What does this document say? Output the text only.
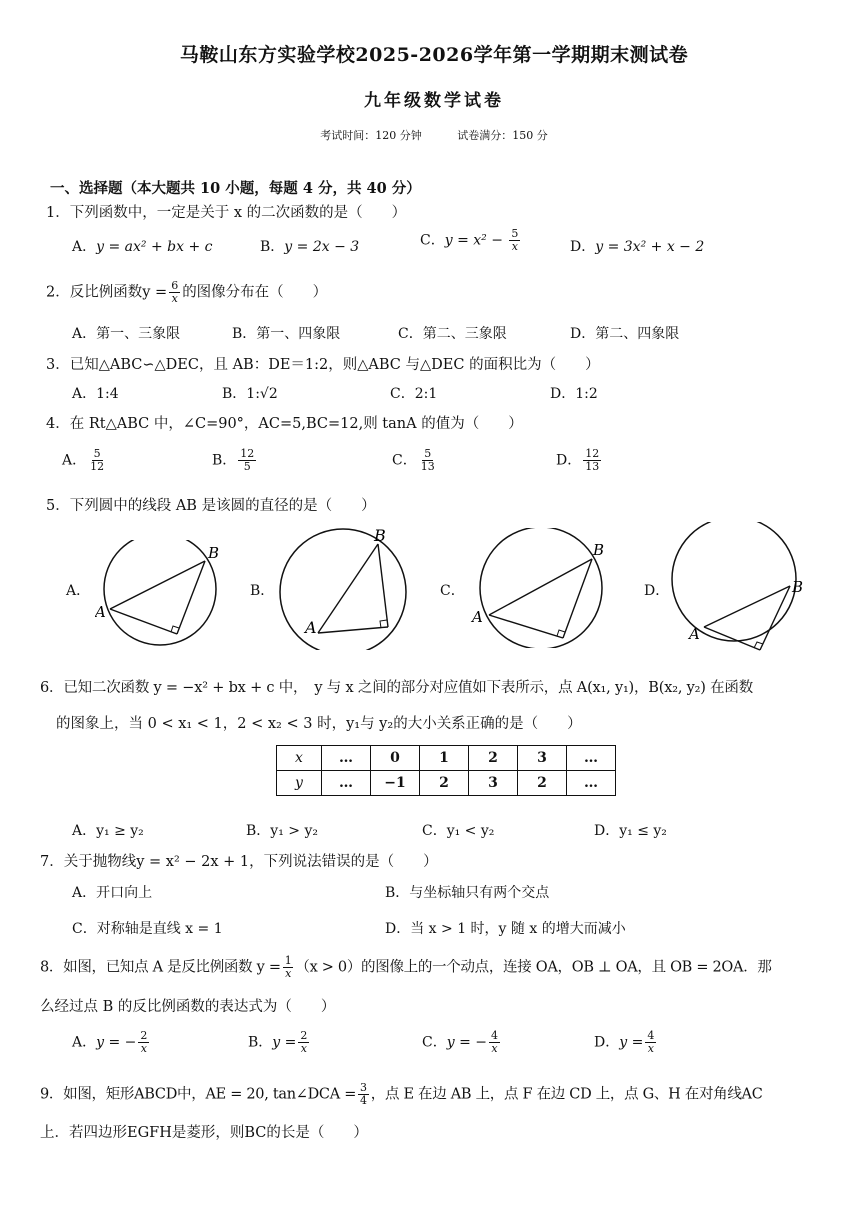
马鞍山东方实验学校2025-2026学年第一学期期末测试卷
九年级数学试卷
考试时间：120 分钟	试卷满分：150 分
一、选择题（本大题共 10 小题，每题 4 分，共 40 分）
1．下列函数中，一定是关于 x 的二次函数的是（　　）
A．y = ax² + bx + c	B．y = 2x − 3	C．$y = x^2 - \frac{5}{x}$	D．y = 3x² + x − 2
2．反比例函数$y = \frac{6}{x}$ 的图像分布在（　　）
A．第一、三象限	B．第一、四象限	C．第二、三象限	D．第二、四象限
3．已知△ABC∽△DEC，且 AB：DE＝1:2，则△ABC 与△DEC 的面积比为（　　）
A．1:4	B．1:√2	C．2:1	D．1:2
4．在 Rt△ABC 中，∠C=90°，AC=5,BC=12,则 tanA 的值为（　　）
A． $\frac{5}{12}$	B． $\frac{12}{5}$	C． $\frac{5}{13}$	D． $\frac{12}{13}$
5．下列圆中的线段 AB 是该圆的直径的是（　　）
A．
A
B
B．
A
B
C．
A
B
D．
A
B
6．已知二次函数 y = −x² + bx + c 中，　y 与 x 之间的部分对应值如下表所示，点 A(x₁, y₁)，B(x₂, y₂) 在函数
的图象上，当 0 < x₁ < 1，2 < x₂ < 3 时，y₁与 y₂的大小关系正确的是（　　）
x	…	0	1	2	3	…
y	…	−1	2	3	2	…
A．y₁ ≥ y₂	B．y₁ > y₂	C．y₁ < y₂	D．y₁ ≤ y₂
7．关于抛物线y = x² − 2x + 1，下列说法错误的是（　　）
A．开口向上	B．与坐标轴只有两个交点
C．对称轴是直线 x = 1	D．当 x > 1 时，y 随 x 的增大而减小
8．如图，已知点 A 是反比例函数 $y = \frac{1}{x} (x > 0)$的图像上的一个动点，连接 OA，OB ⊥ OA，且 OB = 2OA．那
么经过点 B 的反比例函数的表达式为（　　）
A．y = − $\frac{2}{x}$	B．$y = \frac{2}{x}$	C．y = − $\frac{4}{x}$	D．$y = \frac{4}{x}$
9．如图，矩形ABCD中，AE = 20, tan∠DCA = $\frac{3}{4}$ ，点 E 在边 AB 上，点 F 在边 CD 上，点 G、H 在对角线AC
上．若四边形EGFH是菱形，则BC的长是（　　）
